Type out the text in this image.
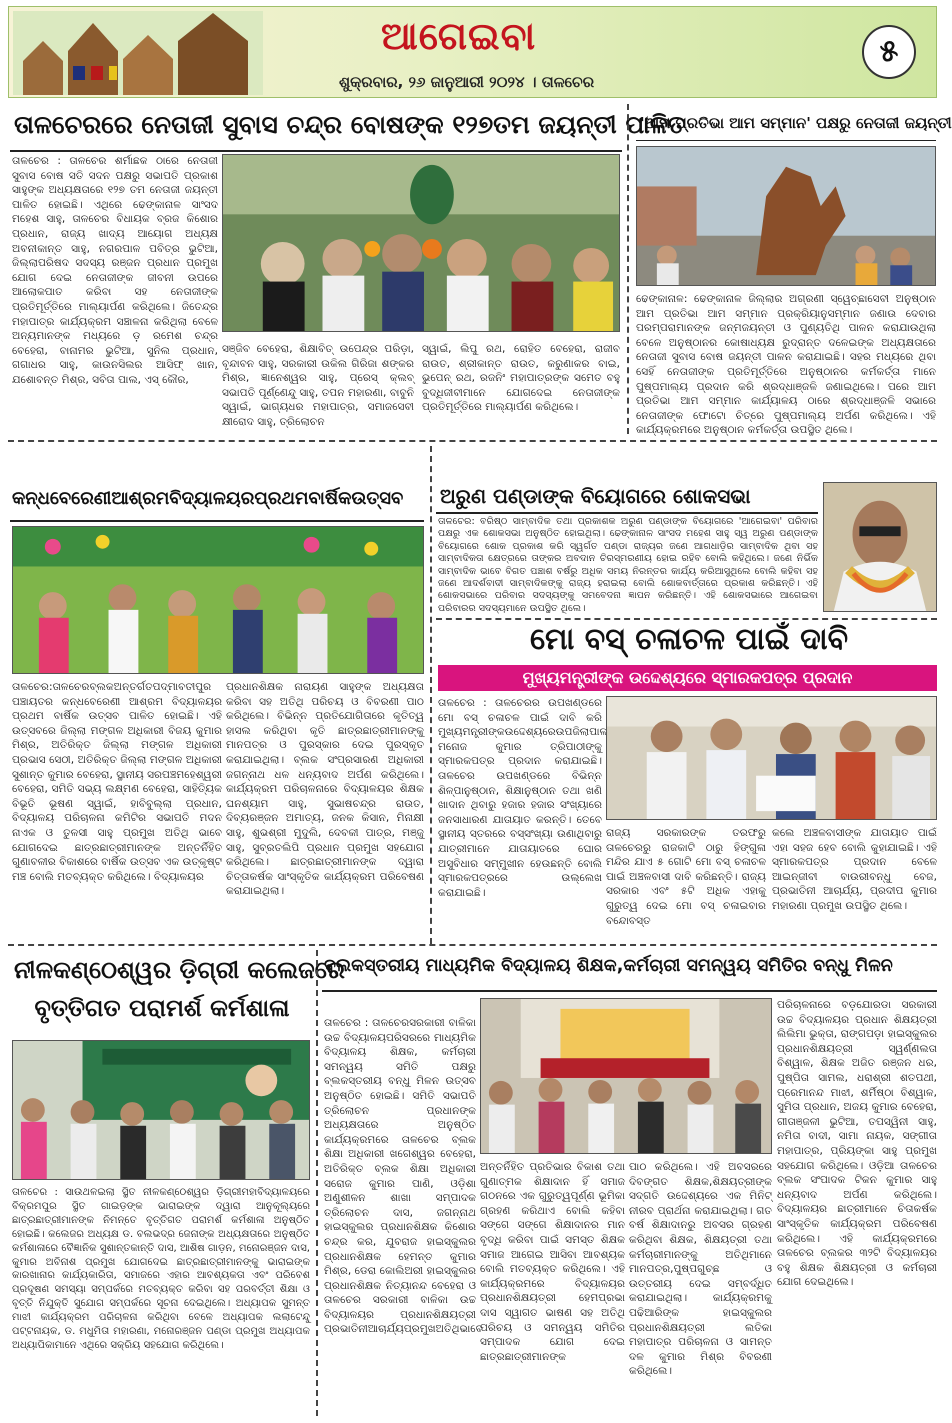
ଆଗେଇବା
ଶୁକ୍ରବାର, ୨୬ ଜାନୁଆରୀ ୨୦୨୪ । ତାଳଚେର
୫
ତାଳଚେରରେ ନେତାଜୀ ସୁବାସ ଚନ୍ଦ୍ର ବୋଷଙ୍କ ୧୨୭ତମ ଜୟନ୍ତୀ ପାଳିତ
ତାଳଚେର : ତାଳଚେର ଶର୍ମାଛକ ଠାରେ ନେତାଜୀ ସୁବାସ ବୋଷ ସତି ସଦନ ପକ୍ଷରୁ ସଭାପତି ପ୍ରକାଶ ସାହୁଙ୍କ ଅଧ୍ୟକ୍ଷତାରେ ୧୨୭ ତମ ନେତାଜୀ ଜୟନ୍ତୀ ପାଳିତ ହୋଇଛି। ଏଥିରେ ଢେଙ୍କାନାଳ ସାଂସଦ ମହେଶ ସାହୁ, ତାଳଚେର ବିଧାୟକ ବ୍ରଜ କିଶୋର ପ୍ରଧାନ, ରାଜ୍ୟ ଖାଦ୍ୟ ଆୟୋଗ ଅଧ୍ୟକ୍ଷ ଅବନୀକାନ୍ତ ସାହୁ, ନଗରପାଳ ପବିତ୍ର ଭୁଟିଆ, ଜିଲ୍ଲାପରିଷଦ ସଦସ୍ୟ ରଞ୍ଜନ ପ୍ରଧାନ ପ୍ରମୁଖ ଯୋଗ ଦେଇ ନେତାଜୀଙ୍କ ଜୀବନୀ ଉପରେ ଆଲୋକପାତ କରିବା ସହ ନେତାଜୀଙ୍କ ପ୍ରତିମୂର୍ତ୍ତିରେ ମାଲ୍ୟାର୍ପଣ କରିଥିଲେ। ଜିତେନ୍ଦ୍ର ମହାପାତ୍ର କାର୍ଯ୍ୟକ୍ରମ ସଞ୍ଚାଳନା କରିଥିଲା ବେଳେ ଅନ୍ୟମାନଙ୍କ ମଧ୍ୟରେ ଡ଼ ରମେଶ ଚନ୍ଦ୍ର ବେହେରା, ବାନାମର ଭୁଟିଆ, ସୁନିଲ ପ୍ରଧାନ, ଗଗାଧର ସାହୁ, କାଉନସିଲର ଆସିଫ୍ ଖାନ, ଯଶୋବନ୍ତ ମିଶ୍ର, ସବିତା ପାଲ, ଏସ୍ କୌର,
ସଞ୍ଜିବ ବେହେରା, ଶିକ୍ଷାବିତ୍ ଉପେନ୍ଦ୍ର ପରିଡ଼ା, ବୃନ୍ଦାବନ ସାହୁ, ସରକାରୀ ଉକିଲ ଗିରିଜା ଶଙ୍କର ମିଶ୍ର, ଜ୍ଞାନେଶ୍ୱର ସାହୁ, ପ୍ରେସ୍ କ୍ଲବ୍ ସଭାପତି ପୂର୍ଣ୍ଣେନ୍ଦୁ ସାହୁ, ତପନ ମହାରଣା, ବାବୁନି ସ୍ୱାଇଁ, ଭାଗ୍ୟଧର ମହାପାତ୍ର, ସମାଜସେବୀ କ୍ଷୀରୋଦ ସାହୁ, ତ୍ରିଲୋଚନ
ସ୍ୱାଇଁ, ଲିପୁ ରଥ, ରୋହିତ ବେହେରା, ରାଜୀବ ରାଉତ, ଶ୍ରୀକାନ୍ତ ରାଉତ, କରୁଣାକର ବାଇ, ଭୁପେନ୍ ରଥ, ରଜନିଂ ମହାପାତ୍ରଙ୍କ ସମେତ ବହୁ ବୁଦ୍ଧିଜୀବୀମାନେ ଯୋଗଦେଇ ନେତାଜୀଙ୍କ ପ୍ରତିମୂର୍ତ୍ତିରେ ମାଲ୍ୟାର୍ପଣ କରିଥିଲେ।
'ଆମ ପ୍ରତିଭା ଆମ ସମ୍ମାନ' ପକ୍ଷରୁ ନେତାଜୀ ଜୟନ୍ତୀ
ଢେଙ୍କାନାଳ: ଢେଙ୍କାନାଳ ଜିଲ୍ଲାର ଅଗ୍ରଣୀ ସ୍ୱେଚ୍ଛାସେବୀ ଅନୁଷ୍ଠାନ ଆମ ପ୍ରତିଭା ଆମ ସମ୍ମାନ ପ୍ରକ୍ରିୟାନୁସମ୍ମାନ ଜଣାଉ ଦେବାର ପରମ୍ପରାମାନଙ୍କ ଜନ୍ମଜୟନ୍ତୀ ଓ ପୁଣ୍ୟତିଥି ପାଳନ କରାଯାଉଥିଲା ବେଳେ ଅନୁଷ୍ଠାନର କୋଷାଧ୍ୟକ୍ଷ ରୁଦ୍ରାନ୍ତ ଦଳେଇଙ୍କ ଅଧ୍ୟକ୍ଷତାରେ ନେତାଜୀ ସୁବାସ ବୋଷ ଜୟନ୍ତୀ ପାଳନ କରାଯାଇଛି। ସହର ମଧ୍ୟରେ ଥିବା ସେହିଁ ନେତାଜୀଙ୍କ ପ୍ରତିମୂର୍ତ୍ତିରେ ଅନୁଷ୍ଠାନର କର୍ମକର୍ତ୍ତା ମାନେ ପୁଷ୍ପମାଲ୍ୟ ପ୍ରଦାନ କରି ଶ୍ରଦ୍ଧାଞ୍ଜଳି ଜଣାଇଥିଲେ। ପରେ ଆମ ପ୍ରତିଭା ଆମ ସମ୍ମାନ କାର୍ଯ୍ୟାଳୟ ଠାରେ ଶ୍ରଦ୍ଧାଞ୍ଜଳି ସଭାରେ ନେତାଜୀଙ୍କ ଫୋଟୋ ଚିତ୍ରେ ପୁଷ୍ପମାଲ୍ୟ ଅର୍ପଣ କରିଥିଲେ। ଏହି କାର୍ଯ୍ୟକ୍ରମରେ ଅନୁଷ୍ଠାନ କର୍ମକର୍ତ୍ତା ଉପସ୍ଥିତ ଥିଲେ।
କନ୍ଧବେରେଣୀଆଶ୍ରମବିଦ୍ୟାଳୟରପ୍ରଥମବାର୍ଷିକଉତ୍ସବ
ତାଳଚେର:ତାଳଚେରବ୍ଲକଅନ୍ତର୍ଗତପଦ୍ମାବତୀପୁର ପଞ୍ଚାୟତର କନ୍ଧବେରେଣୀ ଆଶ୍ରମ ବିଦ୍ୟାଳୟର ପ୍ରଥମ ବାର୍ଷିକ ଉତ୍ସବ ପାଳିତ ହୋଇଛି। ଏହି ଉତ୍ସବରେ ଜିଲ୍ଲା ମଙ୍ଗଳ ଅଧିକାରୀ ବିଜୟ କୁମାର ମିଶ୍ର, ଅତିରିକ୍ତ ଜିଲ୍ଲା ମଙ୍ଗଳ ଅଧିକାରୀ ପ୍ରଭାସ ସେଠୀ, ଅତିରିକ୍ତ ଜିଲ୍ଲା ମଙ୍ଗଳ ଅଧିକାରୀ ସୁଶାନ୍ତ କୁମାର ବେହେରା, ସ୍ଥାନୀୟ ସରପଞ୍ଚମହେଶ୍ୱରୀ ବେହେରା, ସମିତି ସଭ୍ୟ ଲକ୍ଷ୍ମଣ ବେହେରା, ସାହିତ୍ୟିକ ବିଭୂତି ଭୂଷଣ ସ୍ୱାଇଁ, ହାବିବୁଲ୍ଲା ପ୍ରଧାନ, ବିଦ୍ୟାଳୟ ପରିଚାଳନା କମିଟିର ସଭାପତି ମଦନ ନାଏକ ଓ ତୁଳସୀ ସାହୁ ପ୍ରମୁଖ ଅତିଥି ଭାବେ ଯୋଗଦେଇ ଛାତ୍ରଛାତ୍ରୀମାନଙ୍କ ଅନ୍ତର୍ନିହିତ ଗୁଣାବଳୀର ବିକାଶରେ ବାର୍ଷିକ ଉତ୍ସବ ଏକ ଉତ୍କୃଷ୍ଟ ମଞ୍ଚ ବୋଲି ମତବ୍ୟକ୍ତ କରିଥିଲେ। ବିଦ୍ୟାଳୟର
ପ୍ରଧାନଶିକ୍ଷକ ନାରାୟଣ ସାହୁଙ୍କ ଅଧ୍ୟକ୍ଷତା କରିବା ସହ ଅତିଥି ପରିଚୟ ଓ ବିବରଣୀ ପାଠ କରିଥିଲେ। ବିଭିନ୍ନ ପ୍ରତିଯୋଗିତାରେ କୃତିତ୍ୱ ହାସଲ କରିଥିବା କୃତି ଛାତ୍ରଛାତ୍ରୀମାନଙ୍କୁ ମାନପତ୍ର ଓ ପୁରସ୍କାର ଦେଇ ପୁରସ୍କୃତ କରାଯାଇଥିଲା। ବ୍ଲକ ସଂପ୍ରସାରଣ ଅଧିକାରୀ ଜଗନ୍ନାଥ ଧଳ ଧନ୍ୟବାଦ ଅର୍ପଣ କରିଥିଲେ। କାର୍ଯ୍ୟକ୍ରମ ପରିଚାଳନାରେ ବିଦ୍ୟାଳୟର ଶିକ୍ଷକ ଘନଶ୍ୟାମ ସାହୁ, ସୁଭାଷଚନ୍ଦ୍ର ରାଉତ, ଦିବ୍ୟରଞ୍ଜନ ଅମାତ୍ୟ, ଜନକ କିସାନ, ମିନାକ୍ଷୀ ସାହୁ, ଶୁଭଶ୍ରୀ ମୁଦୁଲି, ଦେବକୀ ପାତ୍ର, ମଞ୍ଜୁ ସାହୁ, ସୁବ୍ରତଲିପି ପ୍ରଧାନ ପ୍ରମୁଖ ସହଯୋଗ କରିଥିଲେ। ଛାତ୍ରଛାତ୍ରୀମାନଙ୍କ ଦ୍ୱାରା ଚିତ୍ତାକର୍ଷକ ସାଂସ୍କୃତିକ କାର୍ଯ୍ୟକ୍ରମ ପରିବେଷଣ କରାଯାଇଥିଲା।
ଅରୁଣ ପଣ୍ଡାଙ୍କ ବିୟୋଗରେ ଶୋକସଭା
ତାଳଚେର: ବରିଷ୍ଠ ସାମ୍ବାଦିକ ତଥା ପ୍ରକାଶକ ଅରୁଣ ପଣ୍ଡାଙ୍କ ବିୟୋଗରେ 'ଆଗେଇବା' ପରିବାର ପକ୍ଷରୁ ଏକ ଶୋକସଭା ଅନୁଷ୍ଠିତ ହୋଇଥିଲା। ଢେଙ୍କାନାଳ ସାଂସଦ ମହେଶ ସାହୁ ସ୍ୱ ଅରୁଣ ପଣ୍ଡାଙ୍କ ବିୟୋଗରେ ଶୋକ ପ୍ରକାଶ କରି ସ୍ୱର୍ଗତ ପଣ୍ଡା ରାଜ୍ୟର ଜଣେ ଆଗଧାଡ଼ିର ସାମ୍ବାଦିକ ଥିବା ସହ ସାମ୍ବାଦିକତା କ୍ଷେତ୍ରରେ ତାଙ୍କର ଅବଦାନ ଚିରସ୍ମରଣୀୟ ହୋଇ ରହିବ ବୋଲି କହିଥିଲେ। ଜଣେ ନିର୍ଭିକ ସାମ୍ବାଦିକ ଭାବେ ବିଗତ ପଞ୍ଚାଶ ବର୍ଷରୁ ଅଧିକ ସମୟ ନିରନ୍ତର କାର୍ଯ୍ୟ କରିଆସୁଥିଲେ ବୋଲି କହିବା ସହ ଜଣେ ଆଦର୍ଶବାଦୀ ସାମ୍ବାଦିକଙ୍କୁ ରାଜ୍ୟ ହରାଇଲା ବୋଲି ଶୋକବାର୍ତ୍ତାରେ ପ୍ରକାଶ କରିଛନ୍ତି। ଏହି ଶୋକସଭାରେ ପରିବାର ସଦସ୍ୟଙ୍କୁ ସମବେଦନା ଜ୍ଞାପନ କରିଛନ୍ତି। ଏହି ଶୋକସଭାରେ ଆଗେଇବା ପରିବାରର ସଦସ୍ୟମାନେ ଉପସ୍ଥିତ ଥିଲେ।
ମୋ ବସ୍ ଚଳାଚଳ ପାଇଁ ଦାବି
ମୁଖ୍ୟମନ୍ତ୍ରୀଙ୍କ ଉଦ୍ଦେଶ୍ୟରେ ସ୍ମାରକପତ୍ର ପ୍ରଦାନ
ତାଳଚେର : ତାଳଚେରର ଉପଖଣ୍ଡରେ ମୋ ବସ୍ ଚଳାଚଳ ପାଇଁ ଦାବି କରି ମୁଖ୍ୟମନ୍ତ୍ରୀଙ୍କଉଦ୍ଦେଶ୍ୟରେଉପଜିଲାପାଳ ମନୋଜ କୁମାର ତ୍ରିପାଠୀଙ୍କୁ ସ୍ମାରକପତ୍ର ପ୍ରଦାନ କରାଯାଇଛି। ତାଳଚେର ଉପଖଣ୍ଡରେ ବିଭିନ୍ନ ଶିଳ୍ପାନୁଷ୍ଠାନ, ଶିକ୍ଷାନୁଷ୍ଠାନ ତଥା ଖଣି ଖାଦାନ ଥିବାରୁ ହଜାର ହଜାର ସଂଖ୍ୟାରେ ଜନସାଧାରଣ ଯାତାୟାତ କରନ୍ତି। ତେବେ ସ୍ଥାନୀୟ ସ୍ତରରେ ବସ୍ସଂଖ୍ୟା ଉଣାଥିବାରୁ ଯାତ୍ରୀମାନେ ଯାତାୟାତରେ ଘୋର ଅସୁବିଧାର ସମ୍ମୁଖୀନ ହେଉଛନ୍ତି ବୋଲି ସ୍ମାରକପତ୍ରରେ ଉଲ୍ଲେଖ କରାଯାଇଛି।
ରାଜ୍ୟ ସରକାରଙ୍କ ତରଫରୁ ତାଳଚେରରୁ ରାଜକାଟି ଠାରୁ ହିଙ୍ଗୁଳା ମନ୍ଦିର ଯାଏ ୫ ଗୋଟି ମୋ ବସ୍ ଚଳାଚଳ ପାଇଁ ଅଞ୍ଚଳବାସୀ ଦାବି କରିଛନ୍ତି। ରାଜ୍ୟ ସରକାର ଏବଂ ୫ଟି ଅଧିକ ଏହାକୁ ଗୁରୁତ୍ୱ ଦେଇ ମୋ ବସ୍ ଚଳାଇବାର ବନ୍ଦୋବସ୍ତ
କଲେ ଅଞ୍ଚଳବାସୀଙ୍କ ଯାତାୟାତ ପାଇଁ ଏହା ସହଜ ହେବ ବୋଲି କୁହାଯାଇଛି। ଏହି ସ୍ମାରକପତ୍ର ପ୍ରଦାନ ବେଳେ ଆଇନ୍‌ଜୀବୀ ବାଉରୀବନ୍ଧୁ ବେଜ, ପ୍ରଭାତିନୀ ଆଚାର୍ଯ୍ୟ, ପ୍ରଦୀପ କୁମାର ମହାରଣା ପ୍ରମୁଖ ଉପସ୍ଥିତ ଥିଲେ।
ନୀଳକଣ୍ଠେଶ୍ୱର ଡ଼ିଗ୍ରୀ କଲେଜରେ
ବୃତ୍ତିଗତ ପରାମର୍ଶ କର୍ମଶାଳା
ତାଳଚେର : ସାଉଥଳଇଲା ସ୍ଥିତ ନୀଳକଣ୍ଠେଶ୍ୱର ଡ଼ିଗ୍ରୀମହାବିଦ୍ୟାଳୟରେ ବିକ୍ରମପୁର ସ୍ଥିତ ଗାଇଡ଼ଙ୍କ ଭାରାଇଙ୍କ ଦ୍ୱାରା ଆନୁକୂଲ୍ୟରେ ଛାତ୍ରଛାତ୍ରୀମାନଙ୍କ ନିମନ୍ତେ ବୃତ୍ତିଗତ ପରାମର୍ଶ କର୍ମଶାଳା ଅନୁଷ୍ଠିତ ହୋଇଛି। କଲେଜର ଅଧ୍ୟକ୍ଷ ଡ. ବଲଭଦ୍ର ଜେନାଙ୍କ ଅଧ୍ୟକ୍ଷତାରେ ଅନୁଷ୍ଠିତ କର୍ମଶାଳାରେ ବୈଜ୍ଞାନିକ ସୁଶାନ୍ତକାନ୍ତି ଦାସ, ଆଶିଷ ଗାଡ଼ନ, ମନୋରଞ୍ଜନ ଦାସ, କୁମାର ଅବିନାଶ ପ୍ରମୁଖ ଯୋଗଦେଇ ଛାତ୍ରଛାତ୍ରୀମାନଙ୍କୁ ଭାରାଇଙ୍କ କାରଖାନାର କାର୍ଯ୍ୟକାରିତା, ସମାଜରେ ଏହାର ଆବଶ୍ୟକତା ଏବଂ ପରିବେଶ ପ୍ରଦୂଷଣ ସମସ୍ୟା ସମ୍ପର୍କରେ ମତବ୍ୟକ୍ତ କରିବା ସହ ପରବର୍ତ୍ତୀ ଶିକ୍ଷା ଓ ବୃତ୍ତି ନିଯୁକ୍ତି ସୁଯୋଗ ସମ୍ପର୍କରେ ସୂଚନା ଦେଇଥିଲେ। ଅଧ୍ୟାପକ ସୁମନ୍ତ ମାଝୀ କାର୍ଯ୍ୟକ୍ରମ ପରିଚାଳନା କରିଥିବା ବେଳେ ଅଧ୍ୟାପକ ଲଲାଟେନ୍ଦୁ ପଟ୍ଟନାୟକ, ଡ. ମଧୁମିତା ମହାରଣା, ମନୋରଞ୍ଜନ ପଣ୍ଡା ପ୍ରମୁଖ ଅଧ୍ୟାପକ ଅଧ୍ୟାପିକାମାନେ ଏଥିରେ ସକ୍ରିୟ ସହଯୋଗ କରିଥିଲେ।
ବ୍ଲକସ୍ତରୀୟ ମାଧ୍ୟମିକ ବିଦ୍ୟାଳୟ ଶିକ୍ଷକ,କର୍ମଚାରୀ ସମନ୍ୱୟ ସମିତିର ବନ୍ଧୁ ମିଳନ
ତାଳଚେର : ତାଳଚେରସରକାରୀ ବାଳିକା ଉଚ୍ଚ ବିଦ୍ୟାଳୟପରିସରରେ ମାଧ୍ୟମିକ ବିଦ୍ୟାଳୟ ଶିକ୍ଷକ, କର୍ମଚାରୀ ସମନ୍ୱୟ ସମିତି ପକ୍ଷରୁ ବ୍ଲକସ୍ତରୀୟ ବନ୍ଧୁ ମିଳନ ଉତ୍ସବ ଅନୁଷ୍ଠିତ ହୋଇଛି। ସମିତି ସଭାପତି ତ୍ରିଲୋଚନ ପ୍ରଧାନଙ୍କ ଅଧ୍ୟକ୍ଷତାରେ ଅନୁଷ୍ଠିତ କାର୍ଯ୍ୟକ୍ରମରେ ତାଳଚେର ବ୍ଲକ ଶିକ୍ଷା ଅଧିକାରୀ ଖଗେଶ୍ୱର ବେହେରା, ଅତିରିକ୍ତ ବ୍ଲକ ଶିକ୍ଷା ଅଧିକାରୀ ସରୋଜ କୁମାର ପାଣି, ଓଡ଼ିଶା ଅଣୁଶୀଳନ ଶାଖା ସମ୍ପାଦକ ତ୍ରିଲୋଚନ ଦାସ, ଜଗନ୍ନାଥ ହାଇସ୍କୁଲର ପ୍ରଧାନଶିକ୍ଷକ କିଶୋର ଚନ୍ଦ୍ର କର, ଯୁବରାଜ ହାଇସ୍କୁଲର ପ୍ରଧାନଶିକ୍ଷକ ହେମନ୍ତ କୁମାର ମିଶ୍ର, ଡେରା କୋଲିଅରୀ ହାଇସ୍କୁଲର ପ୍ରଧାନଶିକ୍ଷକ ନିତ୍ୟାନନ୍ଦ ବେହେରା ଓ ତାଳଚେର ସରକାରୀ ବାଳିକା ଉଚ୍ଚ ବିଦ୍ୟାଳୟର ପ୍ରଧାନଶିକ୍ଷୟତ୍ରୀ ପ୍ରଭାତିନୀଆଚାର୍ଯ୍ୟପ୍ରମୁଖଅତିଥିଭାବେ
ଅନ୍ତର୍ନିହିତ ପ୍ରତିଭାର ବିକାଶ ତଥା ଗୁଣାତ୍ମକ ଶିକ୍ଷାଦାନ ହିଁ ସମାଜ ଗଠନରେ ଏକ ଗୁରୁତ୍ୱପୂର୍ଣ୍ଣ ଭୂମିକା ଗ୍ରହଣ କରିଥାଏ ବୋଲି କହିବା ସଙ୍ଗେ ସଙ୍ଗେ ଶିକ୍ଷାଦାନର ମାନ ବୃଦ୍ଧି କରିବା ପାଇଁ ସମସ୍ତ ଶିକ୍ଷକ ସମାଜ ଆଗେଇ ଆସିବା ଆବଶ୍ୟକ ବୋଲି ମତବ୍ୟକ୍ତ କରିଥିଲେ। ଏହି କାର୍ଯ୍ୟକ୍ରମରେ ବିଦ୍ୟାଳୟର ପ୍ରଧାନଶିକ୍ଷୟତ୍ରୀ ହେମପ୍ରଭା ଦାସ ସ୍ୱାଗତ ଭାଷଣ ସହ ଅତିଥି ପରିଚୟ ଓ ସମନ୍ୱୟ ସମିତିର ସମ୍ପାଦକ ଯୋଗ ଦେଇ ଛାତ୍ରଛାତ୍ରୀମାନଙ୍କ
ପାଠ କରିଥିଲେ। ଏହି ଅବସରରେ ଦିବଙ୍ଗତ ଶିକ୍ଷକ,ଶିକ୍ଷୟତ୍ରୀଙ୍କ ସଦ୍ଗତି ଉଦ୍ଦେଶ୍ୟରେ ଏକ ମିନିଟ୍ ନୀରବ ପ୍ରାର୍ଥନା କରାଯାଇଥିଲା। ଗତ ବର୍ଷ ଶିକ୍ଷାଦାନରୁ ଅବସର ଗ୍ରହଣ କରିଥିବା ଶିକ୍ଷକ, ଶିକ୍ଷୟତ୍ରୀ ତଥା କର୍ମଚାରୀମାନଙ୍କୁ ଅତିଥିମାନେ ମାନପତ୍ର,ପୁଷ୍ପଗୁଚ୍ଛ ଓ ଉତ୍ତରୀୟ ଦେଇ ସମ୍ବର୍ଦ୍ଧିତ କରାଯାଇଥିଲା। କାର୍ଯ୍ୟକ୍ରମକୁ ପଢିଆରିଙ୍କ ହାଇସ୍କୁଲର ପ୍ରଧାନଶିକ୍ଷୟତ୍ରୀ ଲତିକା ମହାପାତ୍ର ପରିଚାଳନା ଓ ସାମନ୍ତ ଦଳ କୁମାର ମିଶ୍ର ବିବରଣୀ କରିଥିଲେ।
ପରିଚାଳନାରେ ବଡ଼ଯୋରଡା ସରକାରୀ ଉଚ୍ଚ ବିଦ୍ୟାଳୟର ପ୍ରଧାନ ଶିକ୍ଷୟତ୍ରୀ ଲିଲିମା ଭୁକ୍ତା, ରାଙ୍ଗପଡ଼ା ହାଇସ୍କୁଲର ପ୍ରଧାନଶିକ୍ଷୟତ୍ରୀ ସ୍ୱର୍ଣ୍ଣଲତା ବିଶ୍ୱାଳ, ଶିକ୍ଷକ ଅଜିତ ରଞ୍ଜନ ଧର, ପୁଷ୍ପିତା ସାମଲ, ଧରାଶ୍ରୀ ଶତପଥୀ, ପ୍ରେମାନନ୍ଦ ମାଝୀ, ଶର୍ମିଷ୍ଠା ବିଶ୍ୱାଳ, ସୁମିତା ପ୍ରଧାନ, ଅଜୟ କୁମାର ବେହେରା, ଗୀତାଞ୍ଜଳୀ ଭୁଟିଆ, ତପସ୍ୱିନୀ ସାହୁ, ନମିତା ବାଦୀ, ସାମା ନାୟକ, ସଙ୍ଗୀତା ମହାପାତ୍ର, ପ୍ରିୟଙ୍କା ସାହୁ ପ୍ରମୁଖ ସହଯୋଗ କରିଥିଲେ। ଓଡ଼ିଆ ତାଳଚେର ବ୍ଲକ ସଂପାଦକ ଟିକନ କୁମାର ସାହୁ ଧନ୍ୟବାଦ ଅର୍ପଣ କରିଥିଲେ। ବିଦ୍ୟାଳୟର ଛାତ୍ରୀମାନେ ଚିତାକର୍ଷକ ସାଂସ୍କୃତିକ କାର୍ଯ୍ୟକ୍ରମ ପରିବେଷଣ କରିଥିଲେ। ଏହି କାର୍ଯ୍ୟକ୍ରମରେ ତାଳଚେର ବ୍ଲକର ୩୨ଟି ବିଦ୍ୟାଳୟର ବହୁ ଶିକ୍ଷକ ଶିକ୍ଷୟତ୍ରୀ ଓ କର୍ମଚାରୀ ଯୋଗ ଦେଇଥିଲେ।
